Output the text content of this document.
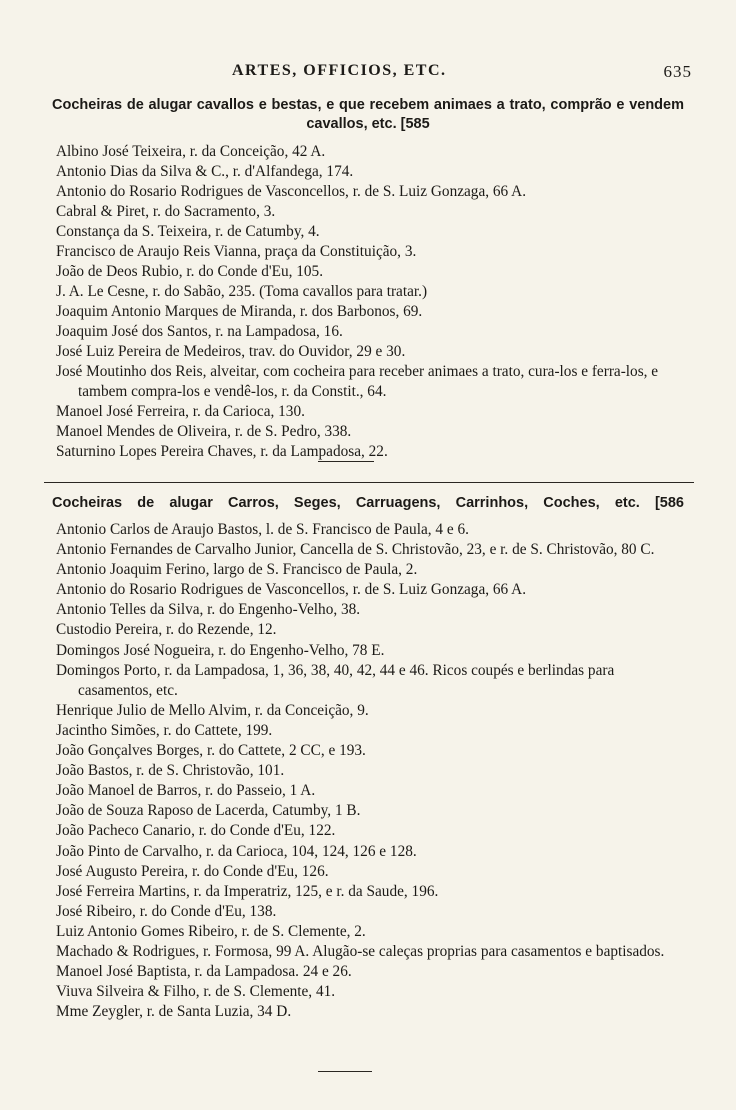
ARTES, OFFICIOS, ETC.	635
Cocheiras de alugar cavallos e bestas, e que recebem animaes a trato, comprão e vendem cavallos, etc. [585
Albino José Teixeira, r. da Conceição, 42 A.
Antonio Dias da Silva & C., r. d'Alfandega, 174.
Antonio do Rosario Rodrigues de Vasconcellos, r. de S. Luiz Gonzaga, 66 A.
Cabral & Piret, r. do Sacramento, 3.
Constança da S. Teixeira, r. de Catumby, 4.
Francisco de Araujo Reis Vianna, praça da Constituição, 3.
João de Deos Rubio, r. do Conde d'Eu, 105.
J. A. Le Cesne, r. do Sabão, 235. (Toma cavallos para tratar.)
Joaquim Antonio Marques de Miranda, r. dos Barbonos, 69.
Joaquim José dos Santos, r. na Lampadosa, 16.
José Luiz Pereira de Medeiros, trav. do Ouvidor, 29 e 30.
José Moutinho dos Reis, alveitar, com cocheira para receber animaes a trato, cura-los e ferra-los, e tambem compra-los e vendê-los, r. da Constit., 64.
Manoel José Ferreira, r. da Carioca, 130.
Manoel Mendes de Oliveira, r. de S. Pedro, 338.
Saturnino Lopes Pereira Chaves, r. da Lampadosa, 22.
Cocheiras de alugar Carros, Seges, Carruagens, Carrinhos, Coches, etc. [586
Antonio Carlos de Araujo Bastos, l. de S. Francisco de Paula, 4 e 6.
Antonio Fernandes de Carvalho Junior, Cancella de S. Christovão, 23, e r. de S. Christovão, 80 C.
Antonio Joaquim Ferino, largo de S. Francisco de Paula, 2.
Antonio do Rosario Rodrigues de Vasconcellos, r. de S. Luiz Gonzaga, 66 A.
Antonio Telles da Silva, r. do Engenho-Velho, 38.
Custodio Pereira, r. do Rezende, 12.
Domingos José Nogueira, r. do Engenho-Velho, 78 E.
Domingos Porto, r. da Lampadosa, 1, 36, 38, 40, 42, 44 e 46. Ricos coupés e berlindas para casamentos, etc.
Henrique Julio de Mello Alvim, r. da Conceição, 9.
Jacintho Simões, r. do Cattete, 199.
João Gonçalves Borges, r. do Cattete, 2 CC, e 193.
João Bastos, r. de S. Christovão, 101.
João Manoel de Barros, r. do Passeio, 1 A.
João de Souza Raposo de Lacerda, Catumby, 1 B.
João Pacheco Canario, r. do Conde d'Eu, 122.
João Pinto de Carvalho, r. da Carioca, 104, 124, 126 e 128.
José Augusto Pereira, r. do Conde d'Eu, 126.
José Ferreira Martins, r. da Imperatriz, 125, e r. da Saude, 196.
José Ribeiro, r. do Conde d'Eu, 138.
Luiz Antonio Gomes Ribeiro, r. de S. Clemente, 2.
Machado & Rodrigues, r. Formosa, 99 A. Alugão-se caleças proprias para casamentos e baptisados.
Manoel José Baptista, r. da Lampadosa. 24 e 26.
Viuva Silveira & Filho, r. de S. Clemente, 41.
Mme Zeygler, r. de Santa Luzia, 34 D.
